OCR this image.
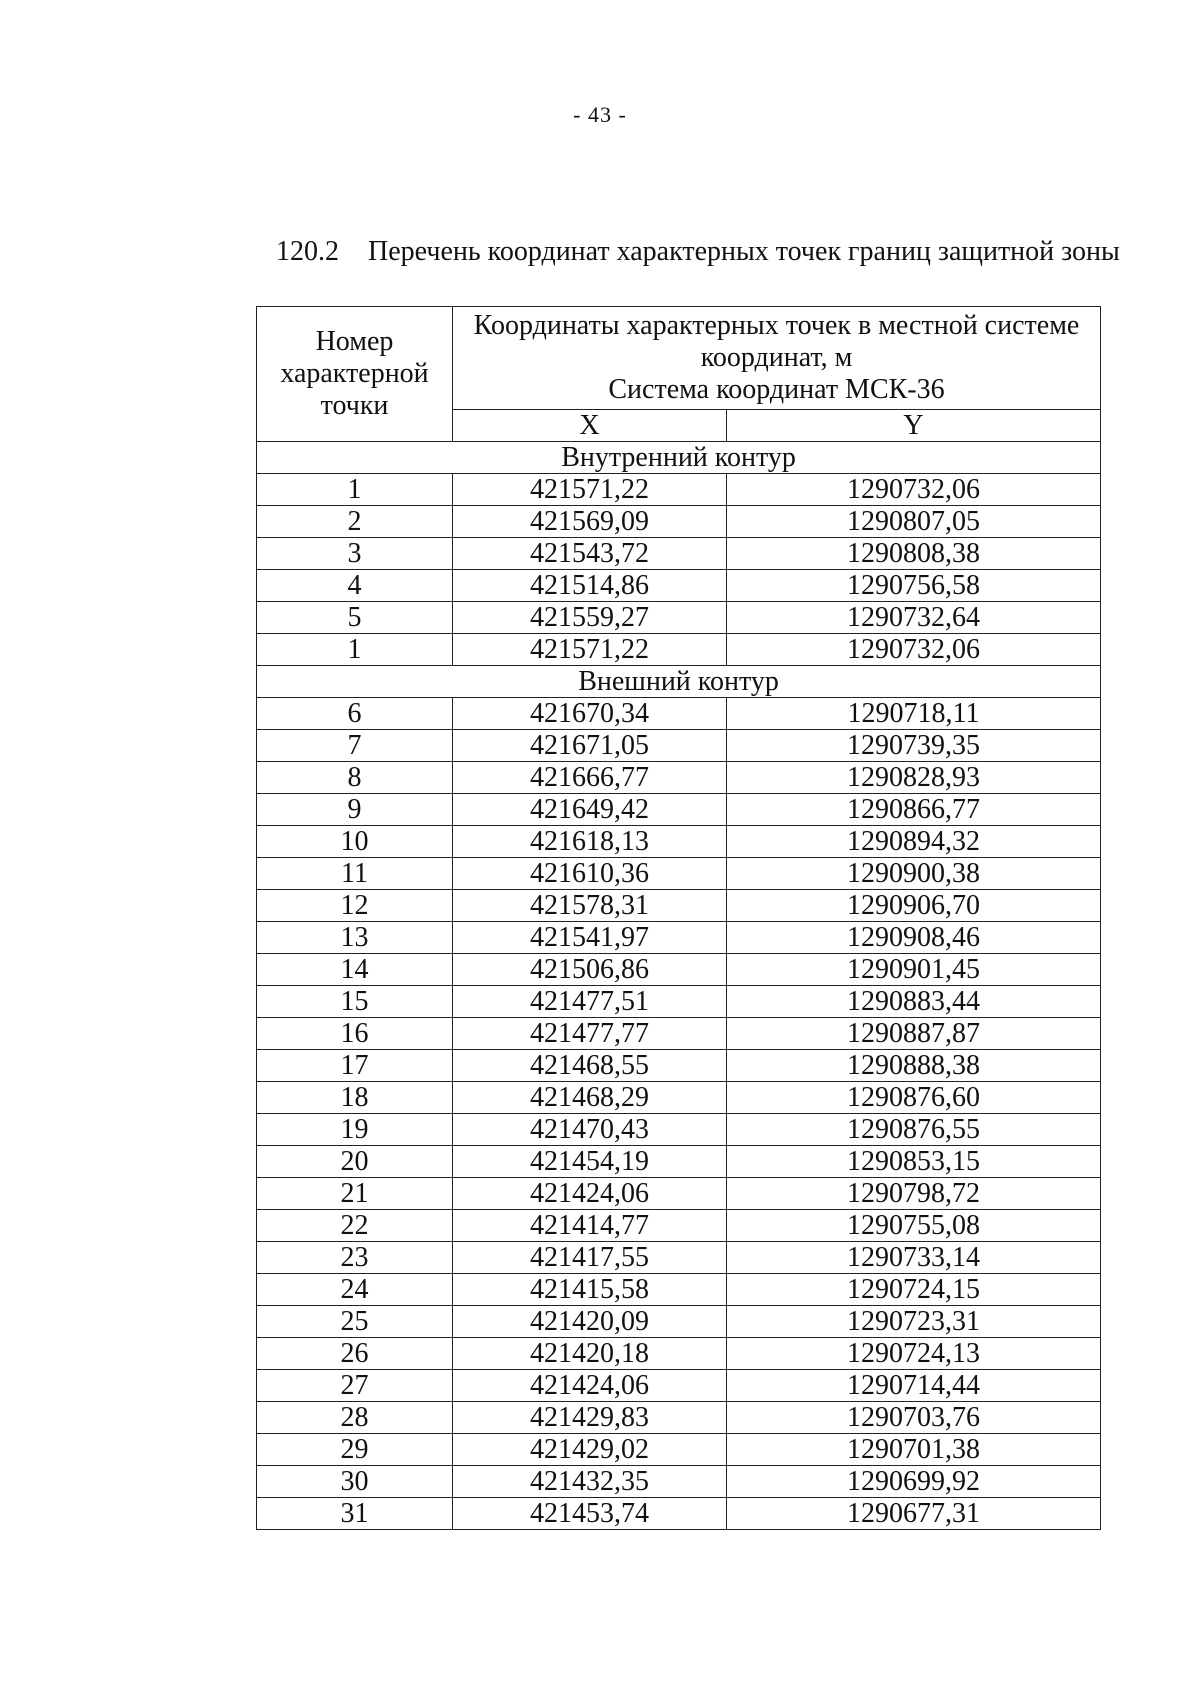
- 43 -
120.2 Перечень координат характерных точек границ защитной зоны
Номер
характерной
точки	Координаты характерных точек в местной системе
координат, м
Система координат МСК-36	

	X	Y
Внутренний контур		
1	421571,22	1290732,06
2	421569,09	1290807,05
3	421543,72	1290808,38
4	421514,86	1290756,58
5	421559,27	1290732,64
1	421571,22	1290732,06
Внешний контур		
6	421670,34	1290718,11
7	421671,05	1290739,35
8	421666,77	1290828,93
9	421649,42	1290866,77
10	421618,13	1290894,32
11	421610,36	1290900,38
12	421578,31	1290906,70
13	421541,97	1290908,46
14	421506,86	1290901,45
15	421477,51	1290883,44
16	421477,77	1290887,87
17	421468,55	1290888,38
18	421468,29	1290876,60
19	421470,43	1290876,55
20	421454,19	1290853,15
21	421424,06	1290798,72
22	421414,77	1290755,08
23	421417,55	1290733,14
24	421415,58	1290724,15
25	421420,09	1290723,31
26	421420,18	1290724,13
27	421424,06	1290714,44
28	421429,83	1290703,76
29	421429,02	1290701,38
30	421432,35	1290699,92
31	421453,74	1290677,31
